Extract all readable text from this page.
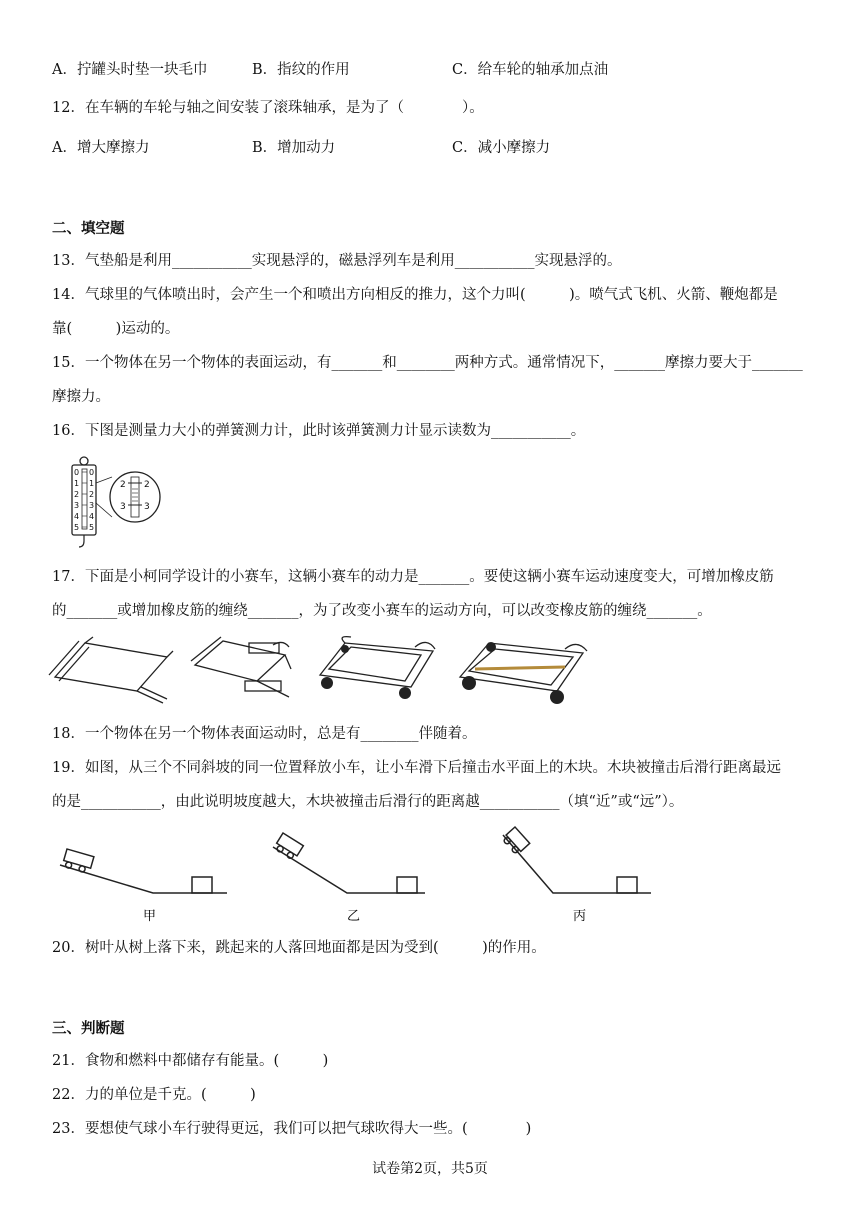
A．拧罐头时垫一块毛巾	B．指纹的作用	C．给车轮的轴承加点油
12．在车辆的车轮与轴之间安装了滚珠轴承，是为了（　　　　）。
A．增大摩擦力	B．增加动力	C．减小摩擦力
二、填空题
13．气垫船是利用___________实现悬浮的，磁悬浮列车是利用___________实现悬浮的。
14．气球里的气体喷出时，会产生一个和喷出方向相反的推力，这个力叫(　　　)。喷气式飞机、火箭、鞭炮都是
靠(　　　)运动的。
15．一个物体在另一个物体的表面运动，有_______和________两种方式。通常情况下，_______摩擦力要大于_______
摩擦力。
16．下图是测量力大小的弹簧测力计，此时该弹簧测力计显示读数为___________。
0 0
1 1
2 2
3 3
4 4
5 5
2 2
3 3
17．下面是小柯同学设计的小赛车，这辆小赛车的动力是_______。要使这辆小赛车运动速度变大，可增加橡皮筋
的_______或增加橡皮筋的缠绕_______，为了改变小赛车的运动方向，可以改变橡皮筋的缠绕_______。
18．一个物体在另一个物体表面运动时，总是有________伴随着。
19．如图，从三个不同斜坡的同一位置释放小车，让小车滑下后撞击水平面上的木块。木块被撞击后滑行距离最远
的是___________，由此说明坡度越大，木块被撞击后滑行的距离越___________（填“近”或“远”）。
甲	乙	丙
20．树叶从树上落下来，跳起来的人落回地面都是因为受到(　　　)的作用。
三、判断题
21．食物和燃料中都储存有能量。(　　　)
22．力的单位是千克。(　　　)
23．要想使气球小车行驶得更远，我们可以把气球吹得大一些。(　　　　)
试卷第2页，共5页
